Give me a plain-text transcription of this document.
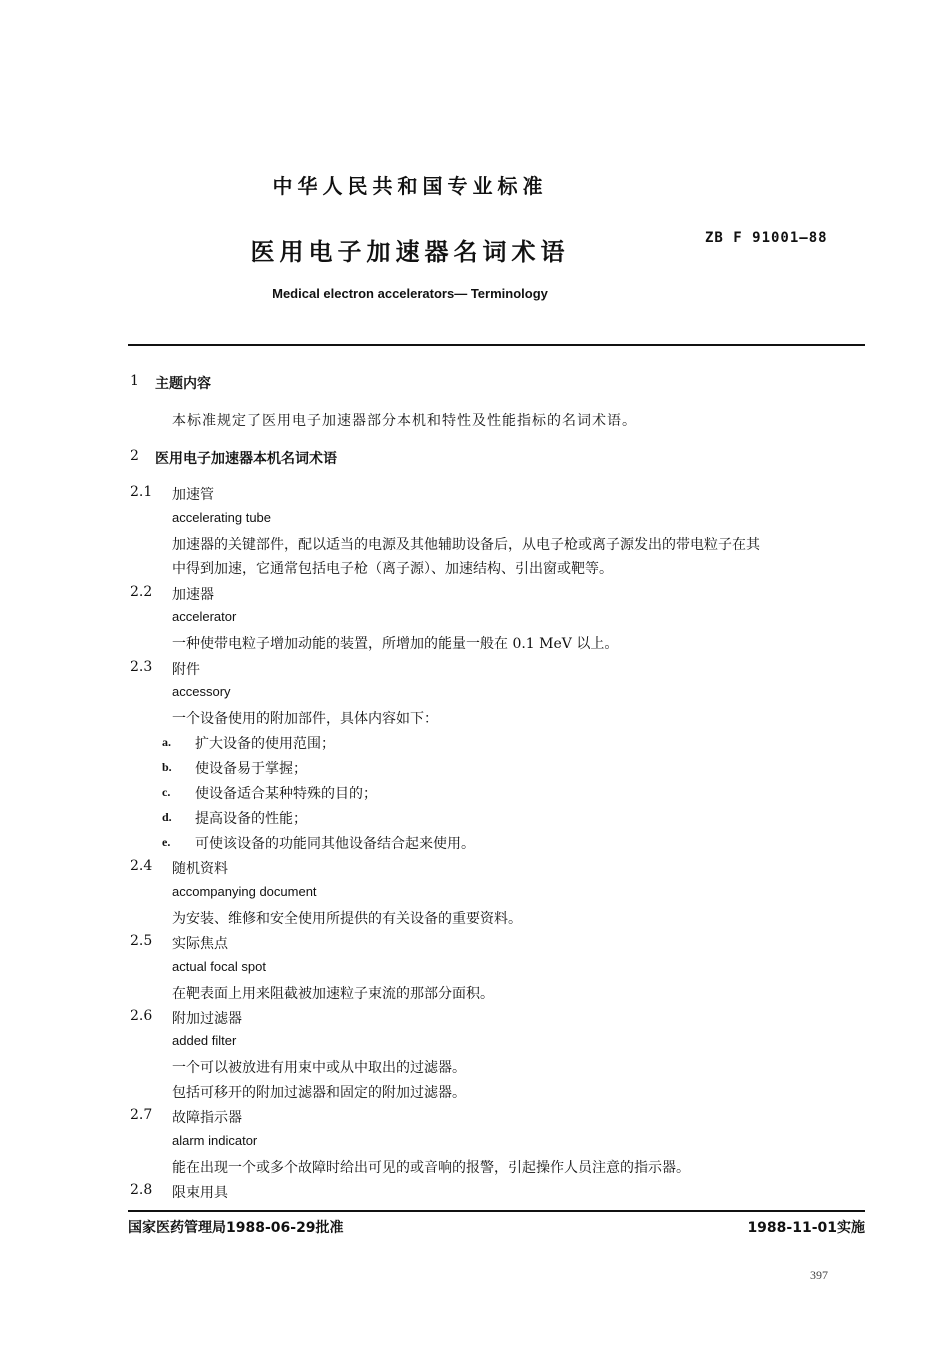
中华人民共和国专业标准
医用电子加速器名词术语	ZB F 91001—88
Medical electron accelerators— Terminology
1 主题内容
本标准规定了医用电子加速器部分本机和特性及性能指标的名词术语。
2 医用电子加速器本机名词术语
2.1 加速管
accelerating tube
加速器的关键部件，配以适当的电源及其他辅助设备后，从电子枪或离子源发出的带电粒子在其
中得到加速，它通常包括电子枪（离子源）、加速结构、引出窗或靶等。
2.2 加速器
accelerator
一种使带电粒子增加动能的装置，所增加的能量一般在 0.1 MeV 以上。
2.3 附件
accessory
一个设备使用的附加部件，具体内容如下：
a. 扩大设备的使用范围；
b. 使设备易于掌握；
c. 使设备适合某种特殊的目的；
d. 提高设备的性能；
e. 可使该设备的功能同其他设备结合起来使用。
2.4 随机资料
accompanying document
为安装、维修和安全使用所提供的有关设备的重要资料。
2.5 实际焦点
actual focal spot
在靶表面上用来阻截被加速粒子束流的那部分面积。
2.6 附加过滤器
added filter
一个可以被放进有用束中或从中取出的过滤器。
包括可移开的附加过滤器和固定的附加过滤器。
2.7 故障指示器
alarm indicator
能在出现一个或多个故障时给出可见的或音响的报警，引起操作人员注意的指示器。
2.8 限束用具
国家医药管理局1988-06-29批准	1988-11-01实施
397
